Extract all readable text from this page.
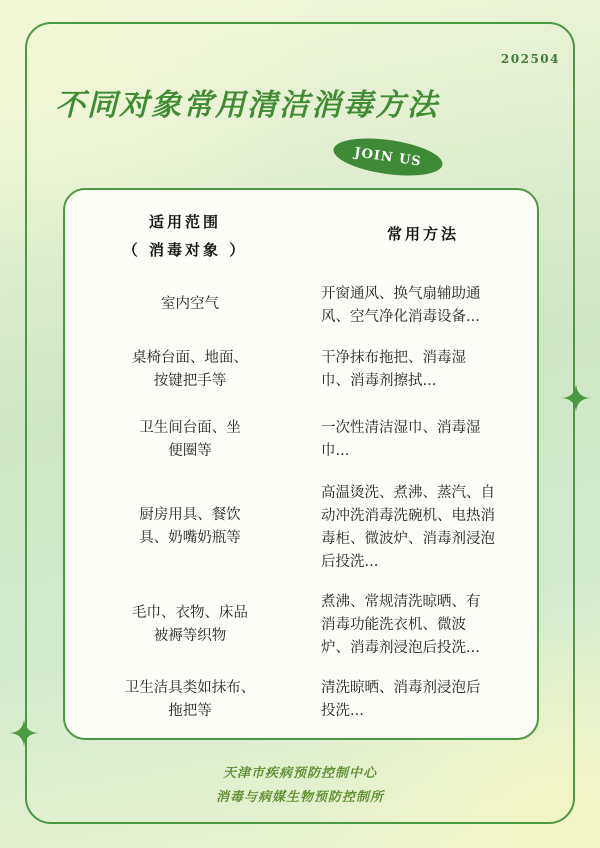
202504
不同对象常用清洁消毒方法
JOIN US
适用范围
（ 消毒对象 ）
常用方法
室内空气
开窗通风、换气扇辅助通
风、空气净化消毒设备...
桌椅台面、地面、
按键把手等
干净抹布拖把、消毒湿
巾、消毒剂擦拭...
卫生间台面、坐
便圈等
一次性清洁湿巾、消毒湿
巾...
厨房用具、餐饮
具、奶嘴奶瓶等
高温烫洗、煮沸、蒸汽、自
动冲洗消毒洗碗机、电热消
毒柜、微波炉、消毒剂浸泡
后投洗...
毛巾、衣物、床品
被褥等织物
煮沸、常规清洗晾晒、有
消毒功能洗衣机、微波
炉、消毒剂浸泡后投洗...
卫生洁具类如抹布、
拖把等
清洗晾晒、消毒剂浸泡后
投洗...
天津市疾病预防控制中心
消毒与病媒生物预防控制所
